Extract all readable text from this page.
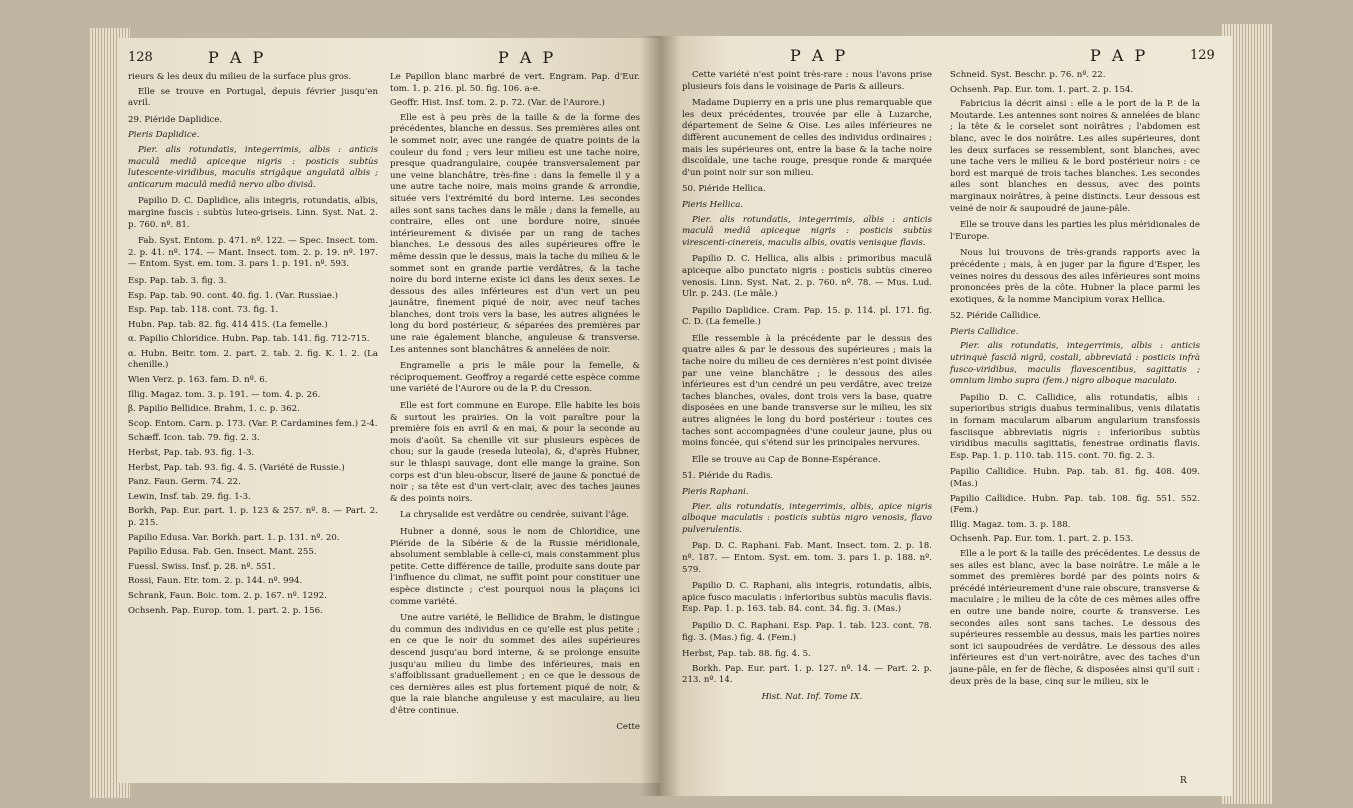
128	P A P	P A P

rieurs & les deux du milieu de la surface plus gros.

Elle se trouve en Portugal, depuis février jusqu'en avril.

29. Piéride Daplidice.

Pieris Daplidice.

Pier. alis rotundatis, integerrimis, albis : anticis maculâ mediâ apiceque nigris : posticis subtùs lutescente-viridibus, maculis strigâque angulatâ albis ; anticarum maculâ mediâ nervo albo divisâ.

Papilio D. C. Daplidice, alis integris, rotundatis, albis, margine fuscis : subtùs luteo-griseis. Linn. Syst. Nat. 2. p. 760. nº. 81.

Fab. Syst. Entom. p. 471. nº. 122. — Spec. Insect. tom. 2. p. 41. nº. 174. — Mant. Insect. tom. 2. p. 19. nº. 197. — Entom. Syst. em. tom. 3. pars 1. p. 191. nº. 593.

Esp. Pap. tab. 3. fig. 3.

Esp. Pap. tab. 90. cont. 40. fig. 1. (Var. Russiae.)

Esp. Pap. tab. 118. cont. 73. fig. 1.

Hubn. Pap. tab. 82. fig. 414 415. (La femelle.)

α. Papilio Chloridice. Hubn. Pap. tab. 141. fig. 712-715.

α. Hubn. Beitr. tom. 2. part. 2. tab. 2. fig. K. 1. 2. (La chenille.)

Wien Verz. p. 163. fam. D. nº. 6.

Illig. Magaz. tom. 3. p. 191. — tom. 4. p. 26.

β. Papilio Bellidice. Brahm, 1. c. p. 362.

Scop. Entom. Carn. p. 173. (Var. P. Cardamines fem.) 2-4.

Schæff. Icon. tab. 79. fig. 2. 3.

Herbst, Pap. tab. 93. fig. 1-3.

Herbst, Pap. tab. 93. fig. 4. 5. (Variété de Russie.)

Panz. Faun. Germ. 74. 22.

Lewin, Insf. tab. 29. fig. 1-3.

Borkh, Pap. Eur. part. 1. p. 123 & 257. nº. 8. — Part. 2. p. 215.

Papilio Edusa. Var. Borkh. part. 1. p. 131. nº. 20.

Papilio Edusa. Fab. Gen. Insect. Mant. 255.

Fuessl. Swiss. Insf. p. 28. nº. 551.

Rossi, Faun. Etr. tom. 2. p. 144. nº. 994.

Schrank, Faun. Boic. tom. 2. p. 167. nº. 1292.

Ochsenh. Pap. Europ. tom. 1. part. 2. p. 156.

Le Papillon blanc marbré de vert. Engram. Pap. d'Eur. tom. 1. p. 216. pl. 50. fig. 106. a-e.

Geoffr. Hist. Insf. tom. 2. p. 72. (Var. de l'Aurore.)

Elle est à peu près de la taille & de la forme des précédentes, blanche en dessus. Ses premières ailes ont le sommet noir, avec une rangée de quatre points de la couleur du fond ; vers leur milieu est une tache noire, presque quadrangulaire, coupée transversalement par une veine blanchâtre, très-fine : dans la femelle il y a une autre tache noire, mais moins grande & arrondie, située vers l'extrémité du bord interne. Les secondes ailes sont sans taches dans le mâle ; dans la femelle, au contraire, elles ont une bordure noire, sinuée intérieurement & divisée par un rang de taches blanches. Le dessous des ailes supérieures offre le même dessin que le dessus, mais la tache du milieu & le sommet sont en grande partie verdâtres, & la tache noire du bord interne existe ici dans les deux sexes. Le dessous des ailes inférieures est d'un vert un peu jaunâtre, finement piqué de noir, avec neuf taches blanches, dont trois vers la base, les autres alignées le long du bord postérieur, & séparées des premières par une raie également blanche, anguleuse & transverse. Les antennes sont blanchâtres & annelées de noir.

Engramelle a pris le mâle pour la femelle, & réciproquement. Geoffroy a regardé cette espèce comme une variété de l'Aurore ou de la P. du Cresson.

Elle est fort commune en Europe. Elle habite les bois & surtout les prairies. On la voit paraître pour la première fois en avril & en mai, & pour la seconde au mois d'août. Sa chenille vit sur plusieurs espèces de chou; sur la gaude (reseda luteola), &, d'après Hubner, sur le thlaspi sauvage, dont elle mange la graine. Son corps est d'un bleu-obscur, liseré de jaune & ponctué de noir ; sa tête est d'un vert-clair, avec des taches jaunes & des points noirs.

La chrysalide est verdâtre ou cendrée, suivant l'âge.

Hubner a donné, sous le nom de Chloridice, une Piéride de la Sibérie & de la Russie méridionale, absolument semblable à celle-ci, mais constamment plus petite. Cette différence de taille, produite sans doute par l'influence du climat, ne suffit point pour constituer une espèce distincte ; c'est pourquoi nous la plaçons ici comme variété.

Une autre variété, le Bellidice de Brahm, le distingue du commun des individus en ce qu'elle est plus petite ; en ce que le noir du sommet des ailes supérieures descend jusqu'au bord interne, & se prolonge ensuite jusqu'au milieu du limbe des inférieures, mais en s'affoiblissant graduellement ; en ce que le dessous de ces dernières ailes est plus fortement piqué de noir, & que la raie blanche anguleuse y est maculaire, au lieu d'être continue.

Cette

P A P	P A P	129

Cette variété n'est point très-rare : nous l'avons prise plusieurs fois dans le voisinage de Paris & ailleurs.

Madame Dupierry en a pris une plus remarquable que les deux précédentes, trouvée par elle à Luzarche, département de Seine & Oise. Les ailes inférieures ne diffèrent aucunement de celles des individus ordinaires ; mais les supérieures ont, entre la base & la tache noire discoïdale, une tache rouge, presque ronde & marquée d'un point noir sur son milieu.

50. Piéride Hellica.

Pieris Hellica.

Pier. alis rotundatis, integerrimis, albis : anticis maculâ mediâ apiceque nigris : posticis subtùs virescenti-cinereis, maculis albis, ovatis venisque flavis.

Papilio D. C. Hellica, alis albis : primoribus maculâ apiceque albo punctato nigris : posticis subtùs cinereo venosis. Linn. Syst. Nat. 2. p. 760. nº. 78. — Mus. Lud. Ulr. p. 243. (Le mâle.)

Papilio Daplidice. Cram. Pap. 15. p. 114. pl. 171. fig. C. D. (La femelle.)

Elle ressemble à la précédente par le dessus des quatre ailes & par le dessous des supérieures ; mais la tache noire du milieu de ces dernières n'est point divisée par une veine blanchâtre ; le dessous des ailes inférieures est d'un cendré un peu verdâtre, avec treize taches blanches, ovales, dont trois vers la base, quatre disposées en une bande transverse sur le milieu, les six autres alignées le long du bord postérieur : toutes ces taches sont accompagnées d'une couleur jaune, plus ou moins foncée, qui s'étend sur les principales nervures.

Elle se trouve au Cap de Bonne-Espérance.

51. Piéride du Radis.

Pieris Raphani.

Pier. alis rotundatis, integerrimis, albis, apice nigris alboque maculatis : posticis subtùs nigro venosis, flavo pulverulentis.

Pap. D. C. Raphani. Fab. Mant. Insect. tom. 2. p. 18. nº. 187. — Entom. Syst. em. tom. 3. pars 1. p. 188. nº. 579.

Papilio D. C. Raphani, alis integris, rotundatis, albis, apice fusco maculatis : inferioribus subtùs maculis flavis. Esp. Pap. 1. p. 163. tab. 84. cont. 34. fig. 3. (Mas.)

Papilio D. C. Raphani. Esp. Pap. 1. tab. 123. cont. 78. fig. 3. (Mas.) fig. 4. (Fem.)

Herbst, Pap. tab. 88. fig. 4. 5.

Borkh. Pap. Eur. part. 1. p. 127. nº. 14. — Part. 2. p. 213. nº. 14.

Hist. Nat. Inf. Tome IX.

Schneid. Syst. Beschr. p. 76. nº. 22.

Ochsenh. Pap. Eur. tom. 1. part. 2. p. 154.

Fabricius la décrit ainsi : elle a le port de la P. de la Moutarde. Les antennes sont noires & annelées de blanc ; la tête & le corselet sont noirâtres ; l'abdomen est blanc, avec le dos noirâtre. Les ailes supérieures, dont les deux surfaces se ressemblent, sont blanches, avec une tache vers le milieu & le bord postérieur noirs : ce bord est marqué de trois taches blanches. Les secondes ailes sont blanches en dessus, avec des points marginaux noirâtres, à peine distincts. Leur dessous est veiné de noir & saupoudré de jaune-pâle.

Elle se trouve dans les parties les plus méridionales de l'Europe.

Nous lui trouvons de très-grands rapports avec la précédente ; mais, à en juger par la figure d'Esper, les veines noires du dessous des ailes inférieures sont moins prononcées près de la côte. Hubner la place parmi les exotiques, & la nomme Mancipium vorax Hellica.

52. Piéride Callidice.

Pieris Callidice.

Pier. alis rotundatis, integerrimis, albis : anticis utrinquè fasciâ nigrâ, costali, abbreviatâ : posticis infrà fusco-viridibus, maculis flavescentibus, sagittatis ; omnium limbo supra (fem.) nigro alboque maculato.

Papilio D. C. Callidice, alis rotundatis, albis : superioribus strigis duabus terminalibus, venis dilatatis in fornam macularum albarum angularium transfossis fasciisque abbreviatis nigris : inferioribus subtùs viridibus maculis sagittatis, fenestrae ordinatis flavis. Esp. Pap. 1. p. 110. tab. 115. cont. 70. fig. 2. 3.

Papilio Callidice. Hubn. Pap. tab. 81. fig. 408. 409. (Mas.)

Papilio Callidice. Hubn. Pap. tab. 108. fig. 551. 552. (Fem.)

Illig. Magaz. tom. 3. p. 188.

Ochsenh. Pap. Eur. tom. 1. part. 2. p. 153.

Elle a le port & la taille des précédentes. Le dessus de ses ailes est blanc, avec la base noirâtre. Le mâle a le sommet des premières bordé par des points noirs & précédé intérieurement d'une raie obscure, transverse & maculaire ; le milieu de la côte de ces mêmes ailes offre en outre une bande noire, courte & transverse. Les secondes ailes sont sans taches. Le dessous des supérieures ressemble au dessus, mais les parties noires sont ici saupoudrées de verdâtre. Le dessous des ailes inférieures est d'un vert-noirâtre, avec des taches d'un jaune-pâle, en fer de flèche, & disposées ainsi qu'il suit : deux près de la base, cinq sur le milieu, six le

R
